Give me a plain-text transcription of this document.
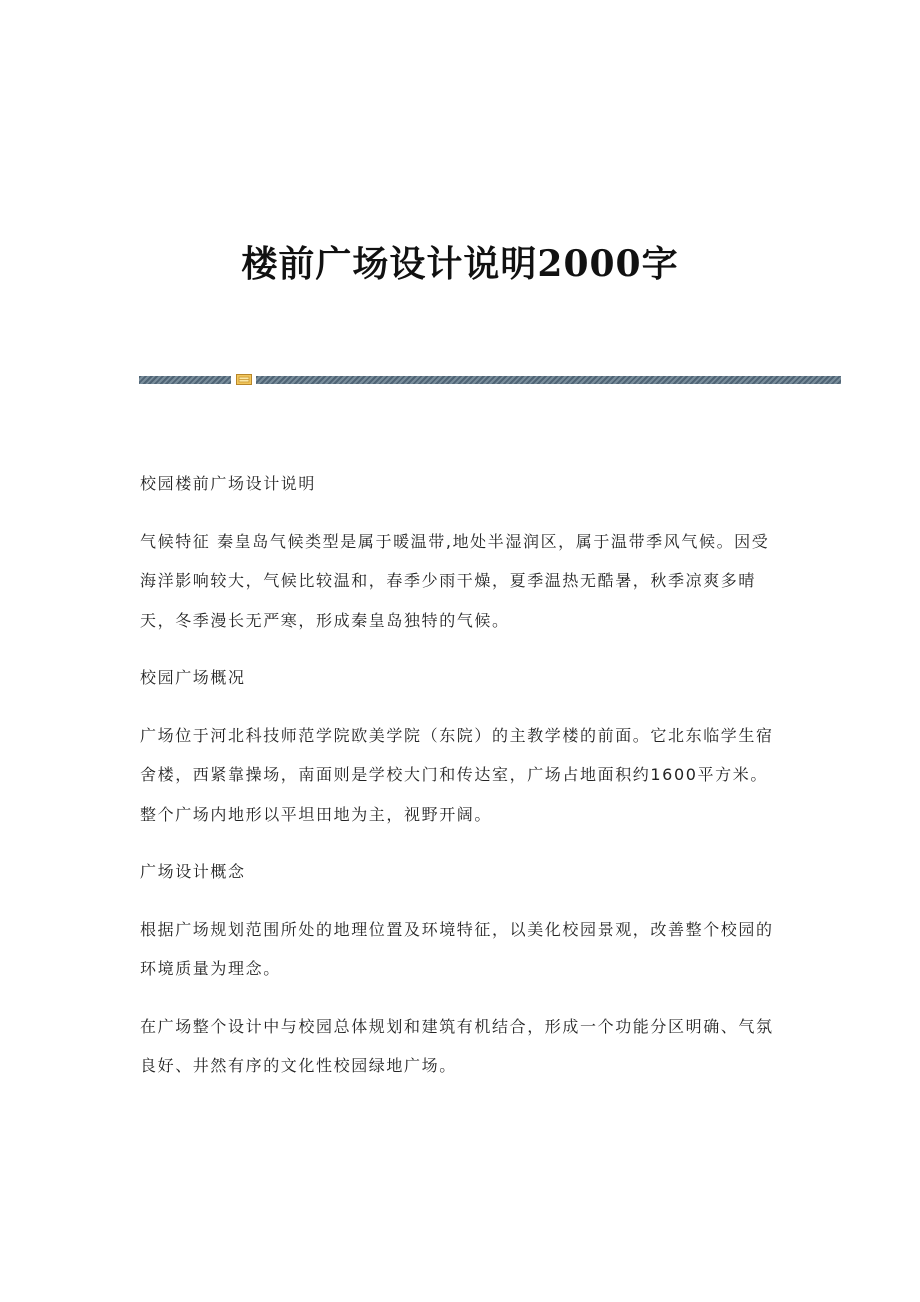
楼前广场设计说明2000字

校园楼前广场设计说明

气候特征 秦皇岛气候类型是属于暖温带,地处半湿润区，属于温带季风气候。因受海洋影响较大，气候比较温和，春季少雨干燥，夏季温热无酷暑，秋季凉爽多晴天，冬季漫长无严寒，形成秦皇岛独特的气候。

校园广场概况

广场位于河北科技师范学院欧美学院（东院）的主教学楼的前面。它北东临学生宿舍楼，西紧靠操场，南面则是学校大门和传达室，广场占地面积约1600平方米。整个广场内地形以平坦田地为主，视野开阔。

广场设计概念

根据广场规划范围所处的地理位置及环境特征，以美化校园景观，改善整个校园的环境质量为理念。

在广场整个设计中与校园总体规划和建筑有机结合，形成一个功能分区明确、气氛良好、井然有序的文化性校园绿地广场。
